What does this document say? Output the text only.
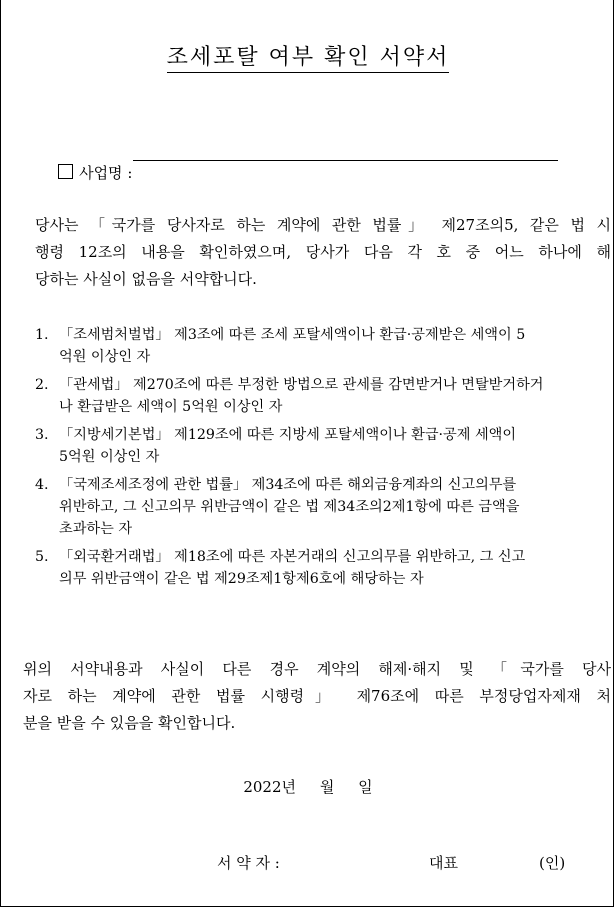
조세포탈 여부 확인 서약서

사업명 :

당사는 「국가를 당사자로 하는 계약에 관한 법률」 제27조의5, 같은 법 시
행령 12조의 내용을 확인하였으며, 당사가 다음 각 호 중 어느 하나에 해
당하는 사실이 없음을 서약합니다.
1. 「조세범처벌법」 제3조에 따른 조세 포탈세액이나 환급·공제받은 세액이 5
억원 이상인 자
2. 「관세법」 제270조에 따른 부정한 방법으로 관세를 감면받거나 면탈받거하거
나 환급받은 세액이 5억원 이상인 자
3. 「지방세기본법」 제129조에 따른 지방세 포탈세액이나 환급·공제 세액이
5억원 이상인 자
4. 「국제조세조정에 관한 법률」 제34조에 따른 해외금융계좌의 신고의무를
위반하고, 그 신고의무 위반금액이 같은 법 제34조의2제1항에 따른 금액을
초과하는 자
5. 「외국환거래법」 제18조에 따른 자본거래의 신고의무를 위반하고, 그 신고
의무 위반금액이 같은 법 제29조제1항제6호에 해당하는 자
위의 서약내용과 사실이 다른 경우 계약의 해제·해지 및 「국가를 당사
자로 하는 계약에 관한 법률 시행령」 제76조에 따른 부정당업자제재 처
분을 받을 수 있음을 확인합니다.
2022년 월 일
서 약 자 :	대표	(인)
